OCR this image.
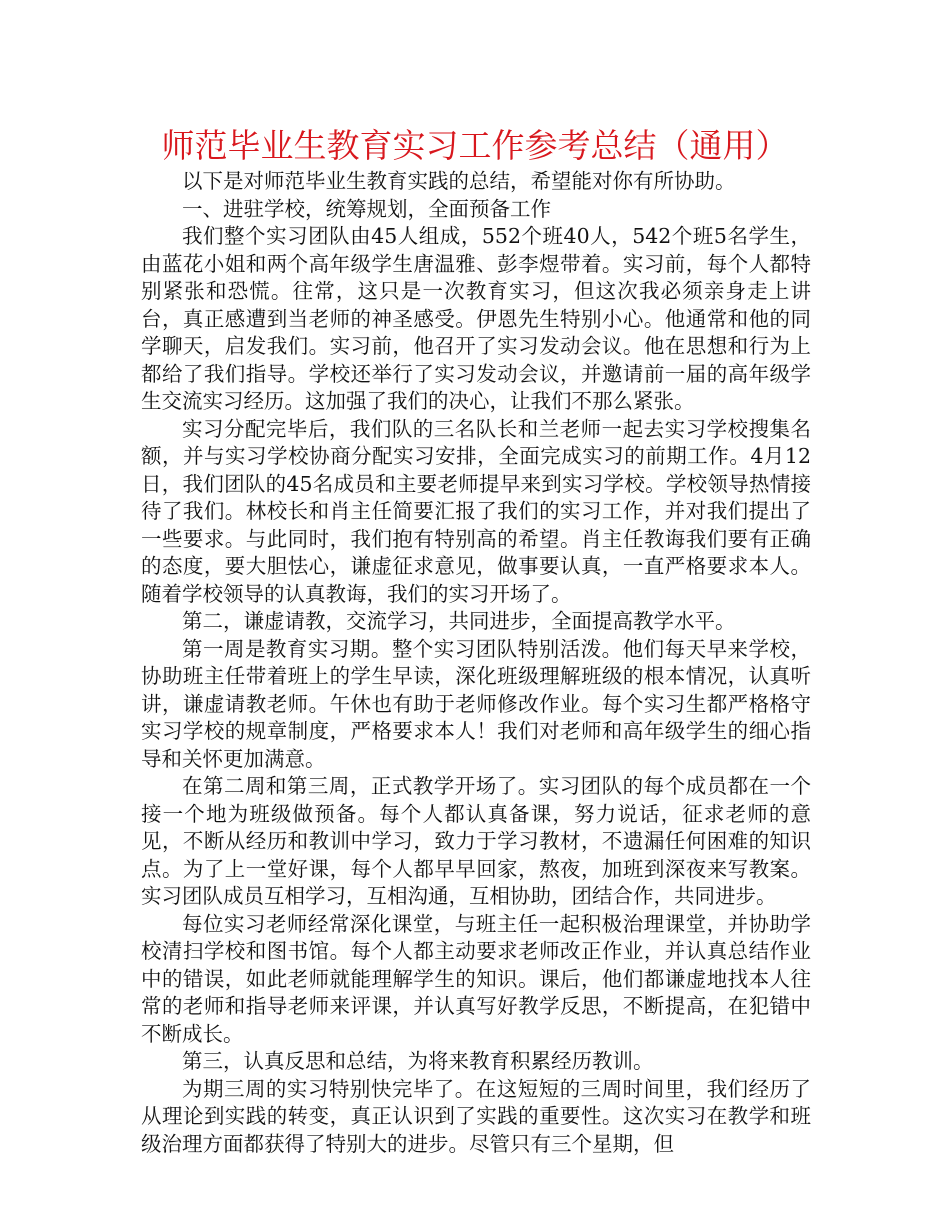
师范毕业生教育实习工作参考总结（通用）

以下是对师范毕业生教育实践的总结，希望能对你有所协助。

一、进驻学校，统筹规划，全面预备工作

我们整个实习团队由45人组成，552个班40人，542个班5名学生，由蓝花小姐和两个高年级学生唐温雅、彭李煜带着。实习前，每个人都特别紧张和恐慌。往常，这只是一次教育实习，但这次我必须亲身走上讲台，真正感遭到当老师的神圣感受。伊恩先生特别小心。他通常和他的同学聊天，启发我们。实习前，他召开了实习发动会议。他在思想和行为上都给了我们指导。学校还举行了实习发动会议，并邀请前一届的高年级学生交流实习经历。这加强了我们的决心，让我们不那么紧张。

实习分配完毕后，我们队的三名队长和兰老师一起去实习学校搜集名额，并与实习学校协商分配实习安排，全面完成实习的前期工作。4月12日，我们团队的45名成员和主要老师提早来到实习学校。学校领导热情接待了我们。林校长和肖主任简要汇报了我们的实习工作，并对我们提出了一些要求。与此同时，我们抱有特别高的希望。肖主任教诲我们要有正确的态度，要大胆怯心，谦虚征求意见，做事要认真，一直严格要求本人。随着学校领导的认真教诲，我们的实习开场了。

第二，谦虚请教，交流学习，共同进步，全面提高教学水平。

第一周是教育实习期。整个实习团队特别活泼。他们每天早来学校，协助班主任带着班上的学生早读，深化班级理解班级的根本情况，认真听讲，谦虚请教老师。午休也有助于老师修改作业。每个实习生都严格格守实习学校的规章制度，严格要求本人！我们对老师和高年级学生的细心指导和关怀更加满意。

在第二周和第三周，正式教学开场了。实习团队的每个成员都在一个接一个地为班级做预备。每个人都认真备课，努力说话，征求老师的意见，不断从经历和教训中学习，致力于学习教材，不遗漏任何困难的知识点。为了上一堂好课，每个人都早早回家，熬夜，加班到深夜来写教案。实习团队成员互相学习，互相沟通，互相协助，团结合作，共同进步。

每位实习老师经常深化课堂，与班主任一起积极治理课堂，并协助学校清扫学校和图书馆。每个人都主动要求老师改正作业，并认真总结作业中的错误，如此老师就能理解学生的知识。课后，他们都谦虚地找本人往常的老师和指导老师来评课，并认真写好教学反思，不断提高，在犯错中不断成长。

第三，认真反思和总结，为将来教育积累经历教训。

为期三周的实习特别快完毕了。在这短短的三周时间里，我们经历了从理论到实践的转变，真正认识到了实践的重要性。这次实习在教学和班级治理方面都获得了特别大的进步。尽管只有三个星期，但
